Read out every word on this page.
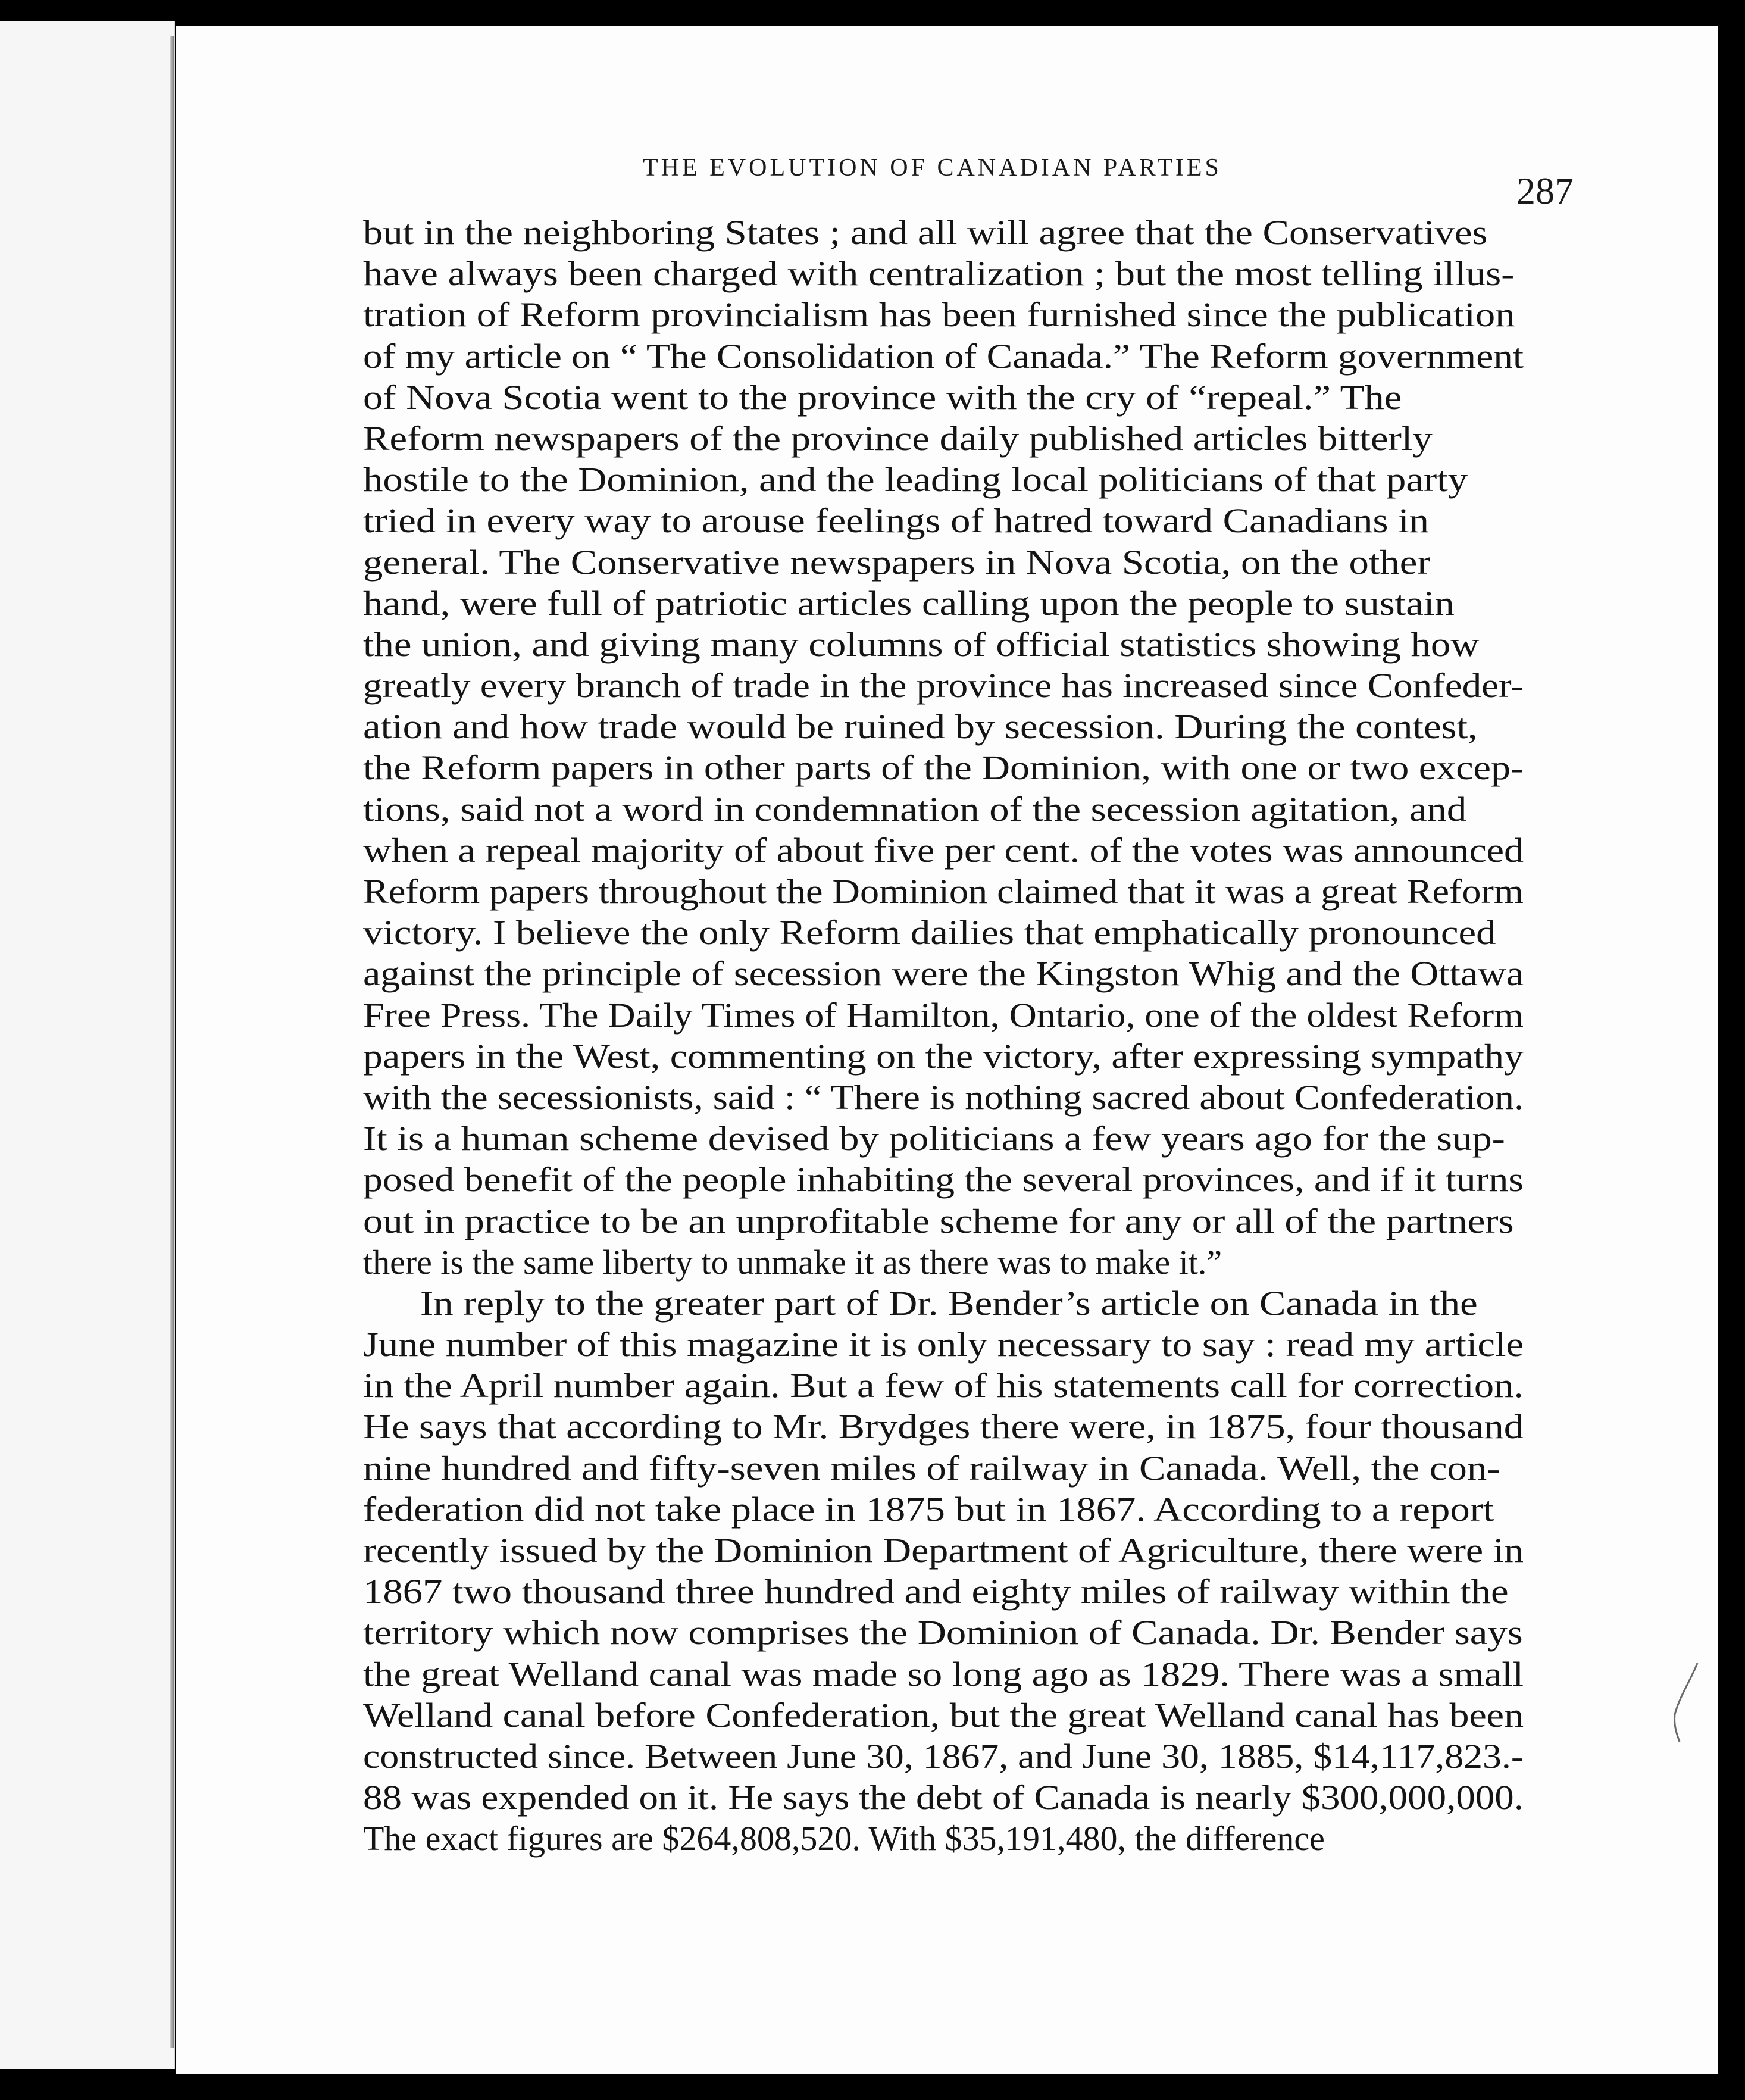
THE EVOLUTION OF CANADIAN PARTIES
287
but in the neighboring States ; and all will agree that the Conservatives
have always been charged with centralization ; but the most telling illus-
tration of Reform provincialism has been furnished since the publication
of my article on “ The Consolidation of Canada.” The Reform government
of Nova Scotia went to the province with the cry of “repeal.” The
Reform newspapers of the province daily published articles bitterly
hostile to the Dominion, and the leading local politicians of that party
tried in every way to arouse feelings of hatred toward Canadians in
general. The Conservative newspapers in Nova Scotia, on the other
hand, were full of patriotic articles calling upon the people to sustain
the union, and giving many columns of official statistics showing how
greatly every branch of trade in the province has increased since Confeder-
ation and how trade would be ruined by secession. During the contest,
the Reform papers in other parts of the Dominion, with one or two excep-
tions, said not a word in condemnation of the secession agitation, and
when a repeal majority of about five per cent. of the votes was announced
Reform papers throughout the Dominion claimed that it was a great Reform
victory. I believe the only Reform dailies that emphatically pronounced
against the principle of secession were the Kingston Whig and the Ottawa
Free Press. The Daily Times of Hamilton, Ontario, one of the oldest Reform
papers in the West, commenting on the victory, after expressing sympathy
with the secessionists, said : “ There is nothing sacred about Confederation.
It is a human scheme devised by politicians a few years ago for the sup-
posed benefit of the people inhabiting the several provinces, and if it turns
out in practice to be an unprofitable scheme for any or all of the partners
there is the same liberty to unmake it as there was to make it.”
In reply to the greater part of Dr. Bender’s article on Canada in the
June number of this magazine it is only necessary to say : read my article
in the April number again. But a few of his statements call for correction.
He says that according to Mr. Brydges there were, in 1875, four thousand
nine hundred and fifty-seven miles of railway in Canada. Well, the con-
federation did not take place in 1875 but in 1867. According to a report
recently issued by the Dominion Department of Agriculture, there were in
1867 two thousand three hundred and eighty miles of railway within the
territory which now comprises the Dominion of Canada. Dr. Bender says
the great Welland canal was made so long ago as 1829. There was a small
Welland canal before Confederation, but the great Welland canal has been
constructed since. Between June 30, 1867, and June 30, 1885, $14,117,823.-
88 was expended on it. He says the debt of Canada is nearly $300,000,000.
The exact figures are $264,808,520. With $35,191,480, the difference
